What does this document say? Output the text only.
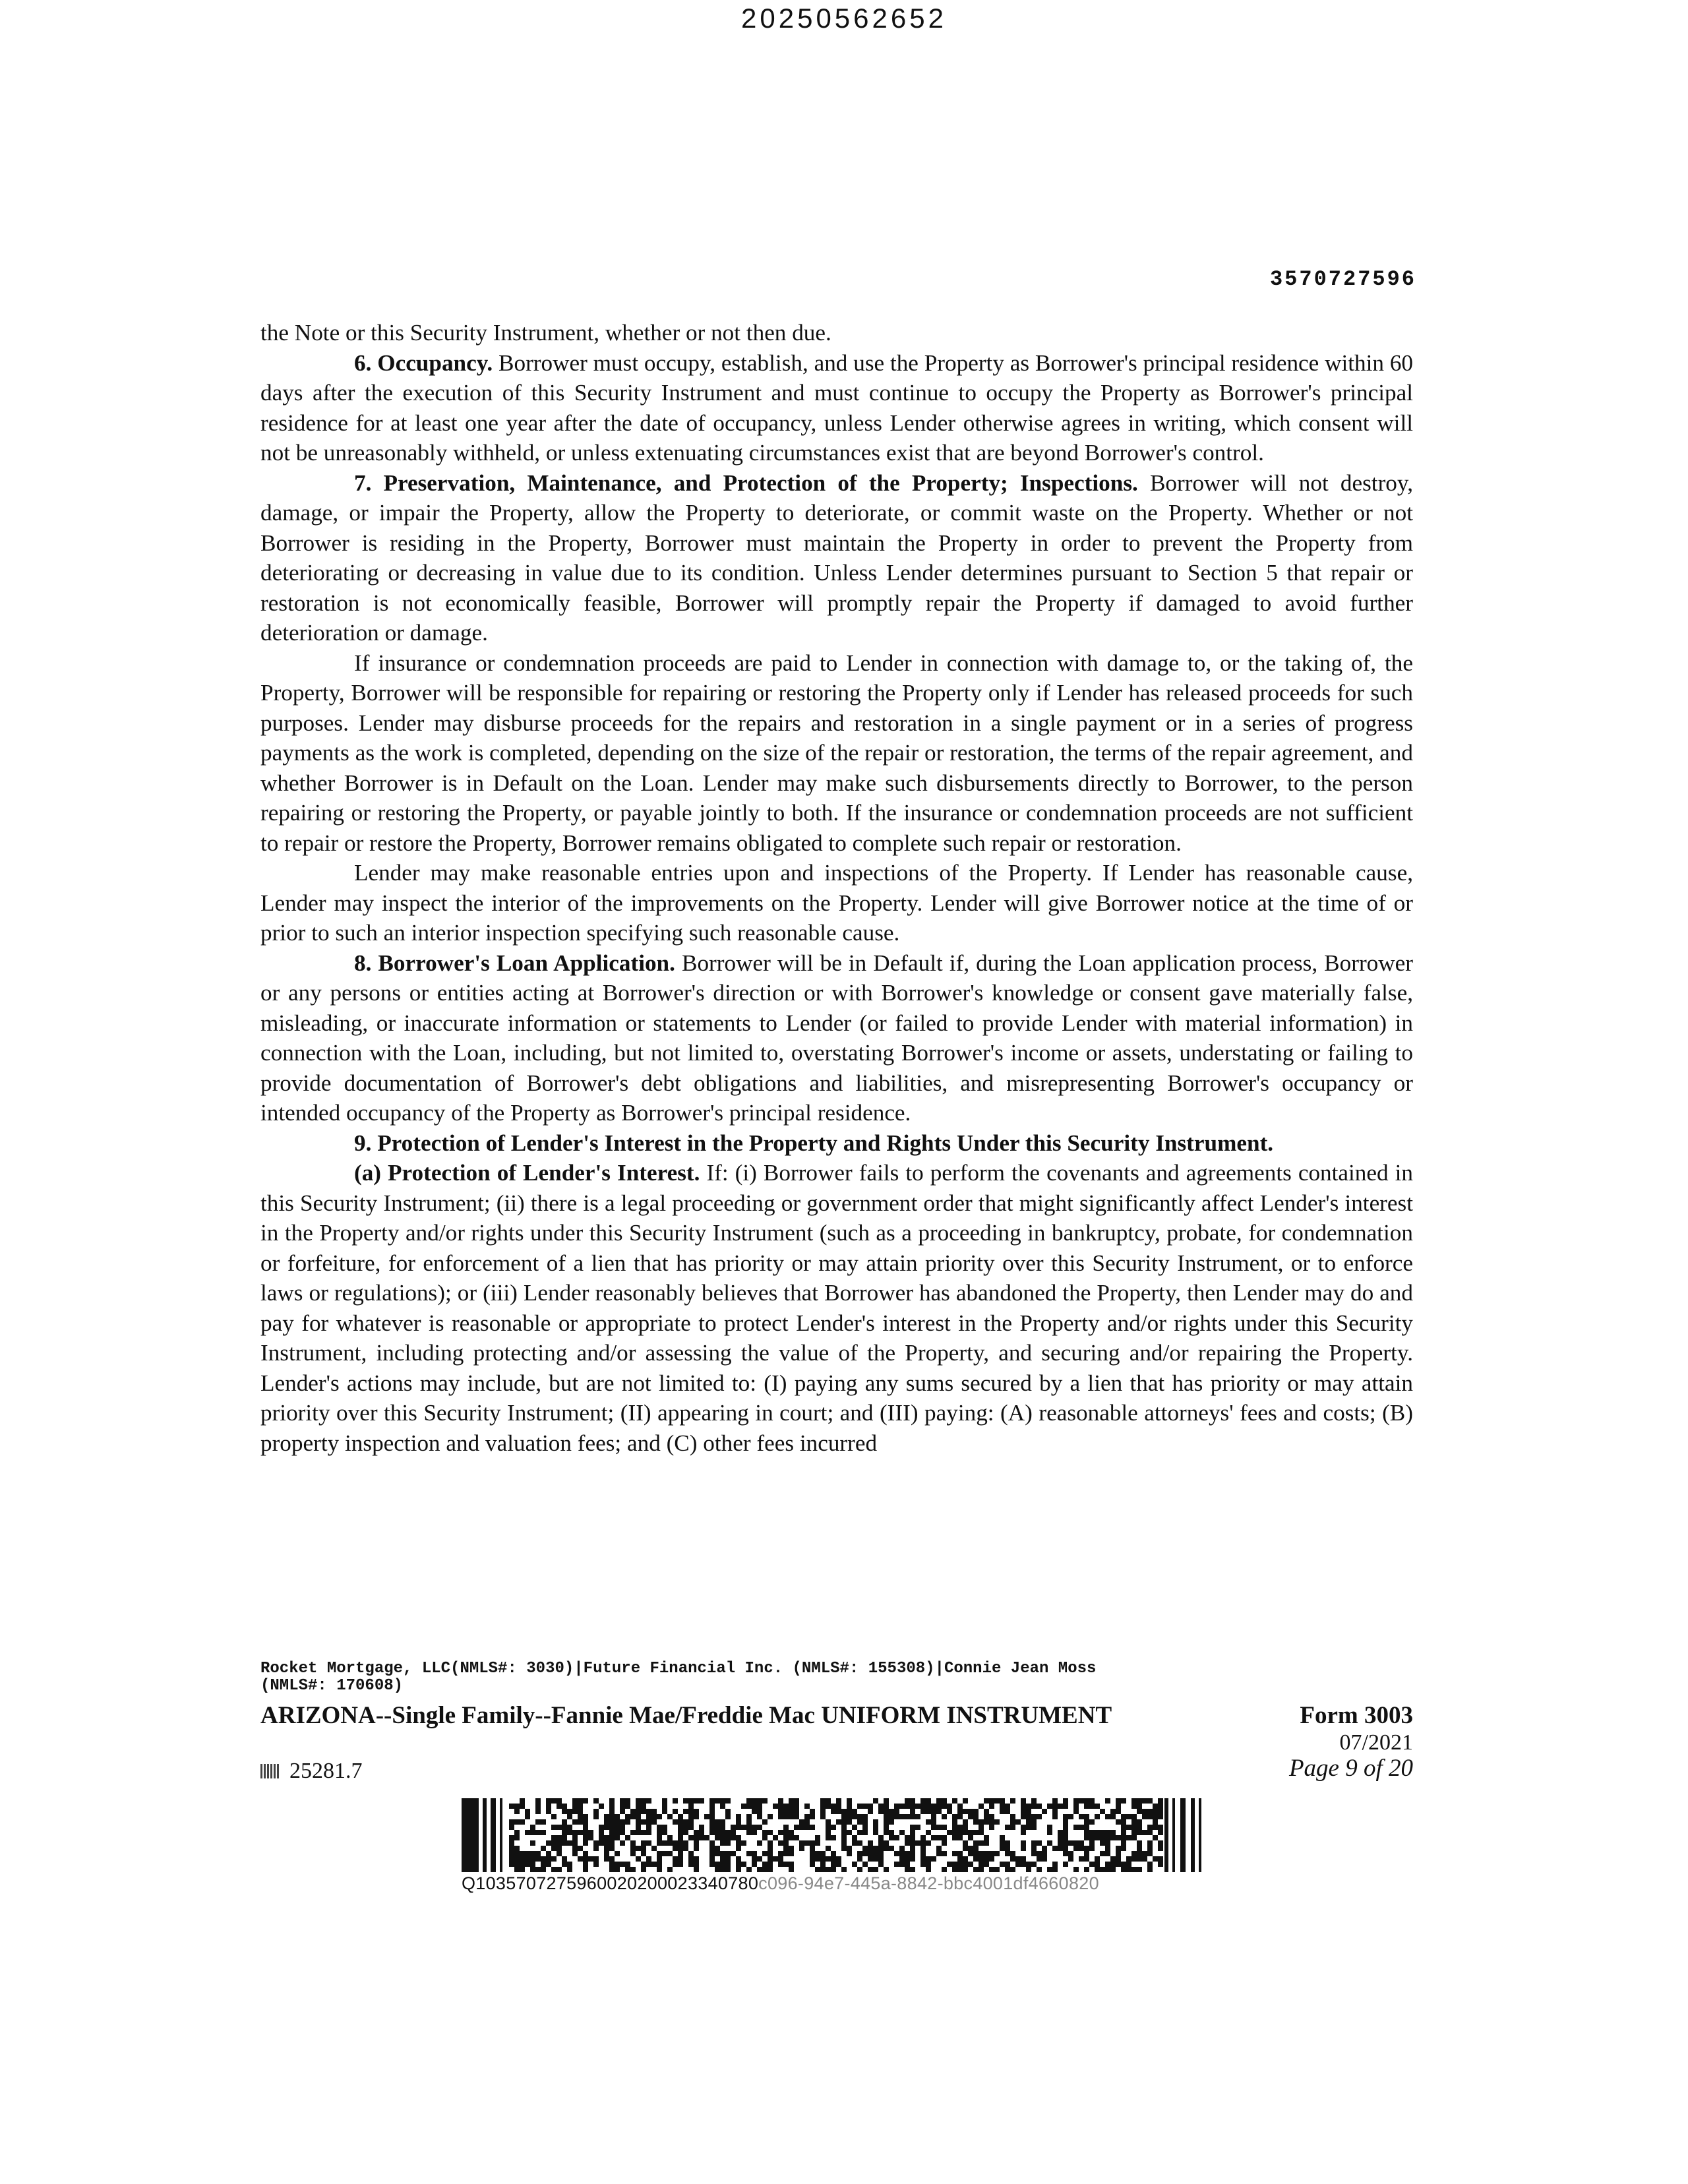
20250562652
3570727596

the Note or this Security Instrument, whether or not then due.

6. Occupancy. Borrower must occupy, establish, and use the Property as Borrower's principal residence within 60 days after the execution of this Security Instrument and must continue to occupy the Property as Borrower's principal residence for at least one year after the date of occupancy, unless Lender otherwise agrees in writing, which consent will not be unreasonably withheld, or unless extenuating circumstances exist that are beyond Borrower's control.

7. Preservation, Maintenance, and Protection of the Property; Inspections. Borrower will not destroy, damage, or impair the Property, allow the Property to deteriorate, or commit waste on the Property. Whether or not Borrower is residing in the Property, Borrower must maintain the Property in order to prevent the Property from deteriorating or decreasing in value due to its condition. Unless Lender determines pursuant to Section 5 that repair or restoration is not economically feasible, Borrower will promptly repair the Property if damaged to avoid further deterioration or damage.

If insurance or condemnation proceeds are paid to Lender in connection with damage to, or the taking of, the Property, Borrower will be responsible for repairing or restoring the Property only if Lender has released proceeds for such purposes. Lender may disburse proceeds for the repairs and restoration in a single payment or in a series of progress payments as the work is completed, depending on the size of the repair or restoration, the terms of the repair agreement, and whether Borrower is in Default on the Loan. Lender may make such disbursements directly to Borrower, to the person repairing or restoring the Property, or payable jointly to both. If the insurance or condemnation proceeds are not sufficient to repair or restore the Property, Borrower remains obligated to complete such repair or restoration.

Lender may make reasonable entries upon and inspections of the Property. If Lender has reasonable cause, Lender may inspect the interior of the improvements on the Property. Lender will give Borrower notice at the time of or prior to such an interior inspection specifying such reasonable cause.

8. Borrower's Loan Application. Borrower will be in Default if, during the Loan application process, Borrower or any persons or entities acting at Borrower's direction or with Borrower's knowledge or consent gave materially false, misleading, or inaccurate information or statements to Lender (or failed to provide Lender with material information) in connection with the Loan, including, but not limited to, overstating Borrower's income or assets, understating or failing to provide documentation of Borrower's debt obligations and liabilities, and misrepresenting Borrower's occupancy or intended occupancy of the Property as Borrower's principal residence.

9. Protection of Lender's Interest in the Property and Rights Under this Security Instrument.

(a) Protection of Lender's Interest. If: (i) Borrower fails to perform the covenants and agreements contained in this Security Instrument; (ii) there is a legal proceeding or government order that might significantly affect Lender's interest in the Property and/or rights under this Security Instrument (such as a proceeding in bankruptcy, probate, for condemnation or forfeiture, for enforcement of a lien that has priority or may attain priority over this Security Instrument, or to enforce laws or regulations); or (iii) Lender reasonably believes that Borrower has abandoned the Property, then Lender may do and pay for whatever is reasonable or appropriate to protect Lender's interest in the Property and/or rights under this Security Instrument, including protecting and/or assessing the value of the Property, and securing and/or repairing the Property. Lender's actions may include, but are not limited to: (I) paying any sums secured by a lien that has priority or may attain priority over this Security Instrument; (II) appearing in court; and (III) paying: (A) reasonable attorneys' fees and costs; (B) property inspection and valuation fees; and (C) other fees incurred

Rocket Mortgage, LLC(NMLS#: 3030)|Future Financial Inc. (NMLS#: 155308)|Connie Jean Moss
(NMLS#: 170608)
ARIZONA--Single Family--Fannie Mae/Freddie Mac UNIFORM INSTRUMENT	Form 3003
07/2021
25281.7	Page 9 of 20
Q1035707275960020200023340780c096-94e7-445a-8842-bbc4001df4660820
